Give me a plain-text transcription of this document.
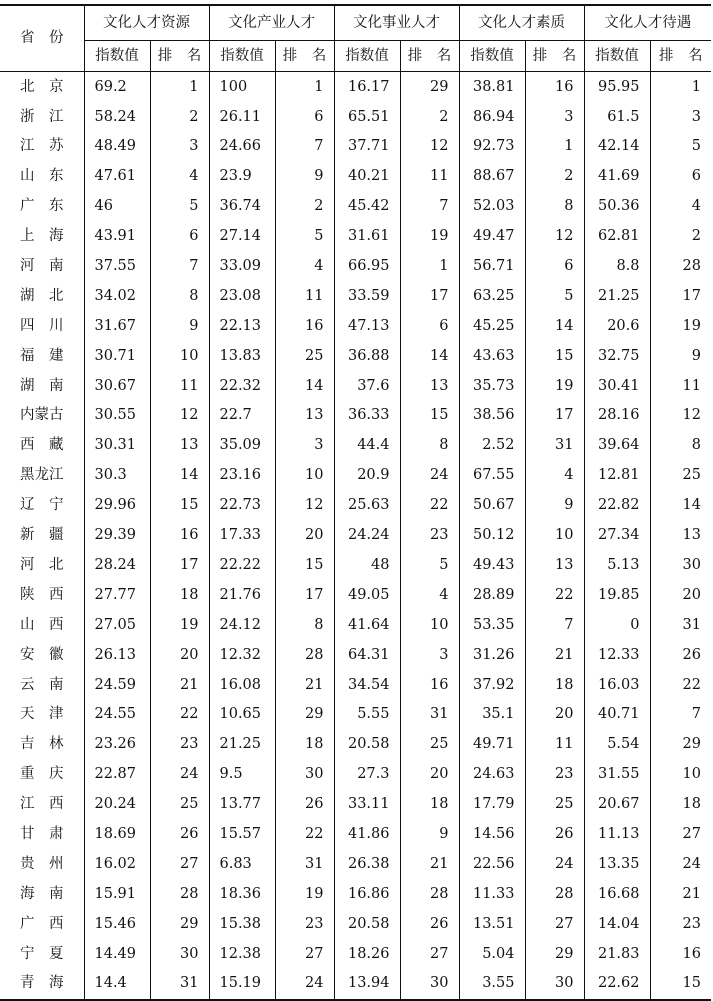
省　份	文化人才资源		文化产业人才		文化事业人才		文化人才素质		文化人才待遇	
	指数值	排　名	指数值	排　名	指数值	排　名	指数值	排　名	指数值	排　名
北　京	69.2	1	100	1	16.17	29	38.81	16	95.95	1
浙　江	58.24	2	26.11	6	65.51	2	86.94	3	61.5	3
江　苏	48.49	3	24.66	7	37.71	12	92.73	1	42.14	5
山　东	47.61	4	23.9	9	40.21	11	88.67	2	41.69	6
广　东	46	5	36.74	2	45.42	7	52.03	8	50.36	4
上　海	43.91	6	27.14	5	31.61	19	49.47	12	62.81	2
河　南	37.55	7	33.09	4	66.95	1	56.71	6	8.8	28
湖　北	34.02	8	23.08	11	33.59	17	63.25	5	21.25	17
四　川	31.67	9	22.13	16	47.13	6	45.25	14	20.6	19
福　建	30.71	10	13.83	25	36.88	14	43.63	15	32.75	9
湖　南	30.67	11	22.32	14	37.6	13	35.73	19	30.41	11
内蒙古	30.55	12	22.7	13	36.33	15	38.56	17	28.16	12
西　藏	30.31	13	35.09	3	44.4	8	2.52	31	39.64	8
黑龙江	30.3	14	23.16	10	20.9	24	67.55	4	12.81	25
辽　宁	29.96	15	22.73	12	25.63	22	50.67	9	22.82	14
新　疆	29.39	16	17.33	20	24.24	23	50.12	10	27.34	13
河　北	28.24	17	22.22	15	48	5	49.43	13	5.13	30
陕　西	27.77	18	21.76	17	49.05	4	28.89	22	19.85	20
山　西	27.05	19	24.12	8	41.64	10	53.35	7	0	31
安　徽	26.13	20	12.32	28	64.31	3	31.26	21	12.33	26
云　南	24.59	21	16.08	21	34.54	16	37.92	18	16.03	22
天　津	24.55	22	10.65	29	5.55	31	35.1	20	40.71	7
吉　林	23.26	23	21.25	18	20.58	25	49.71	11	5.54	29
重　庆	22.87	24	9.5	30	27.3	20	24.63	23	31.55	10
江　西	20.24	25	13.77	26	33.11	18	17.79	25	20.67	18
甘　肃	18.69	26	15.57	22	41.86	9	14.56	26	11.13	27
贵　州	16.02	27	6.83	31	26.38	21	22.56	24	13.35	24
海　南	15.91	28	18.36	19	16.86	28	11.33	28	16.68	21
广　西	15.46	29	15.38	23	20.58	26	13.51	27	14.04	23
宁　夏	14.49	30	12.38	27	18.26	27	5.04	29	21.83	16
青　海	14.4	31	15.19	24	13.94	30	3.55	30	22.62	15
